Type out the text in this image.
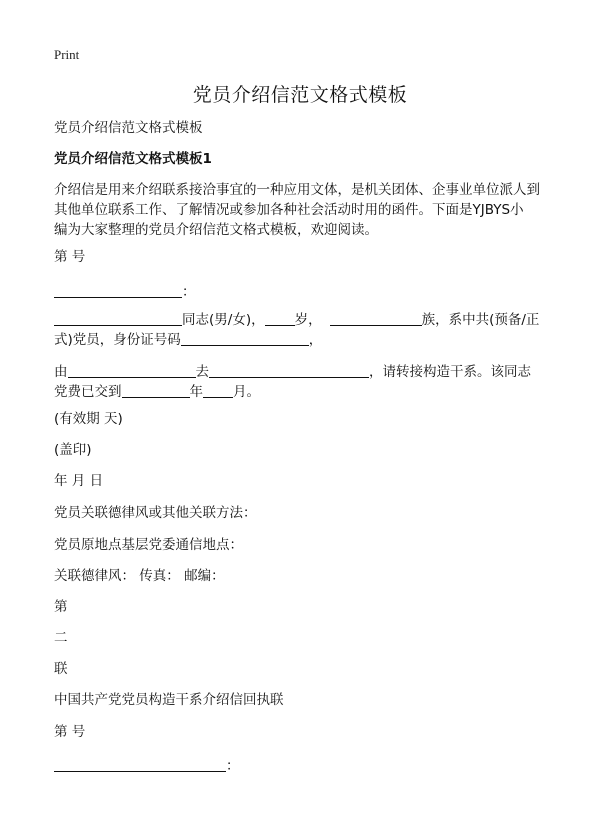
Print
党员介绍信范文格式模板
党员介绍信范文格式模板
党员介绍信范文格式模板1
介绍信是用来介绍联系接洽事宜的一种应用文体，是机关团体、企事业单位派人到
其他单位联系工作、了解情况或参加各种社会活动时用的函件。下面是YJBYS小
编为大家整理的党员介绍信范文格式模板，欢迎阅读。
第 号
：
同志(男/女)， 岁，	族，系中共(预备/正
式)党员，身份证号码	，
由	去	，请转接构造干系。该同志
党费已交到	年 月。
(有效期 天)
(盖印)
年 月 日
党员关联德律风或其他关联方法：
党员原地点基层党委通信地点：
关联德律风： 传真： 邮编：
第
二
联
中国共产党党员构造干系介绍信回执联
第 号
：
